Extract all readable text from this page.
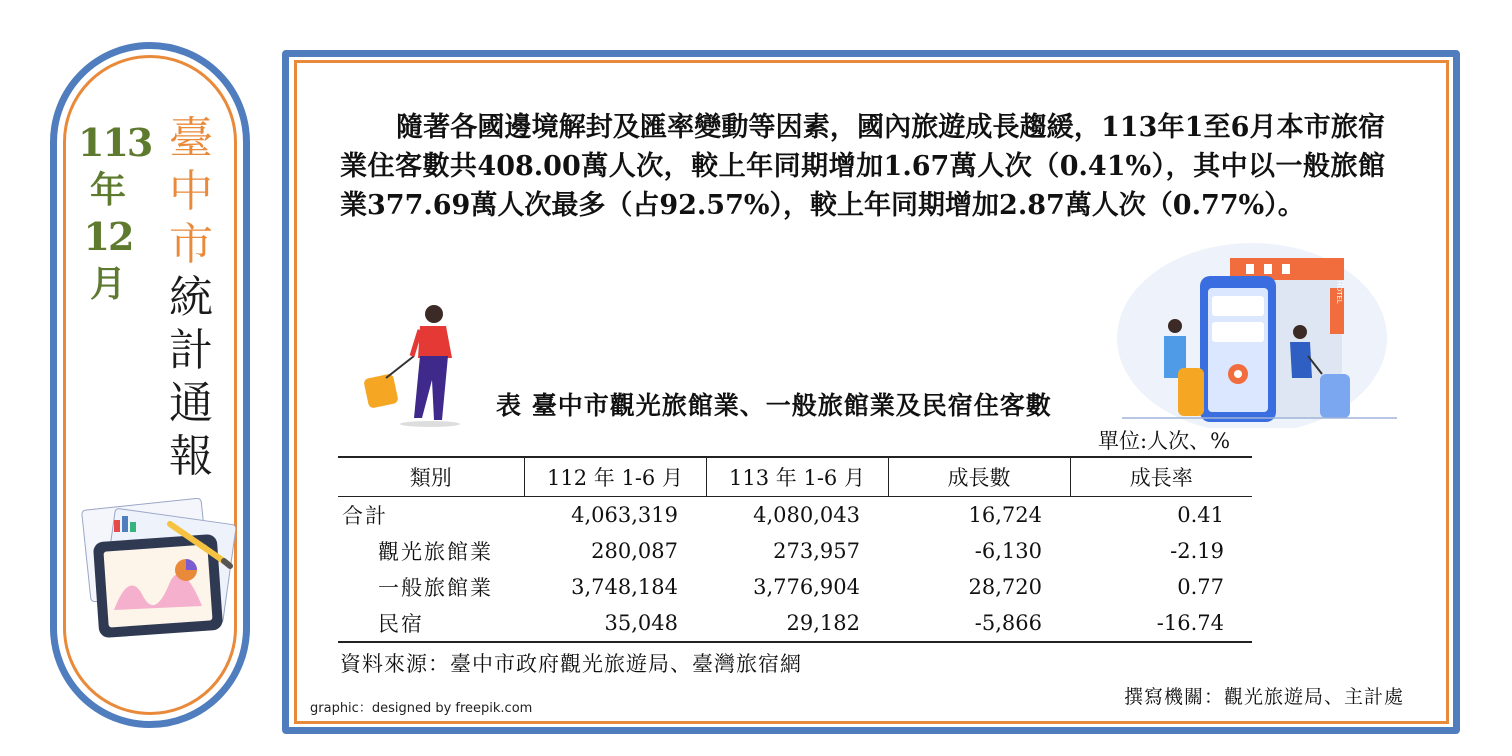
113
年
12
月
臺
中
市
統
計
通
報
隨著各國邊境解封及匯率變動等因素，國內旅遊成長趨緩，113年1至6月本市旅宿業住客數共408.00萬人次，較上年同期增加1.67萬人次（0.41%），其中以一般旅館業377.69萬人次最多（占92.57%），較上年同期增加2.87萬人次（0.77%）。
HOTEL
表 臺中市觀光旅館業、一般旅館業及民宿住客數
單位:人次、%
類別	112 年 1-6 月	113 年 1-6 月	成長數	成長率
合計	4,063,319	4,080,043	16,724	0.41
觀光旅館業	280,087	273,957	-6,130	-2.19
一般旅館業	3,748,184	3,776,904	28,720	0.77
民宿	35,048	29,182	-5,866	-16.74
資料來源：臺中市政府觀光旅遊局、臺灣旅宿網
graphic：designed by freepik.com
撰寫機關：觀光旅遊局、主計處
